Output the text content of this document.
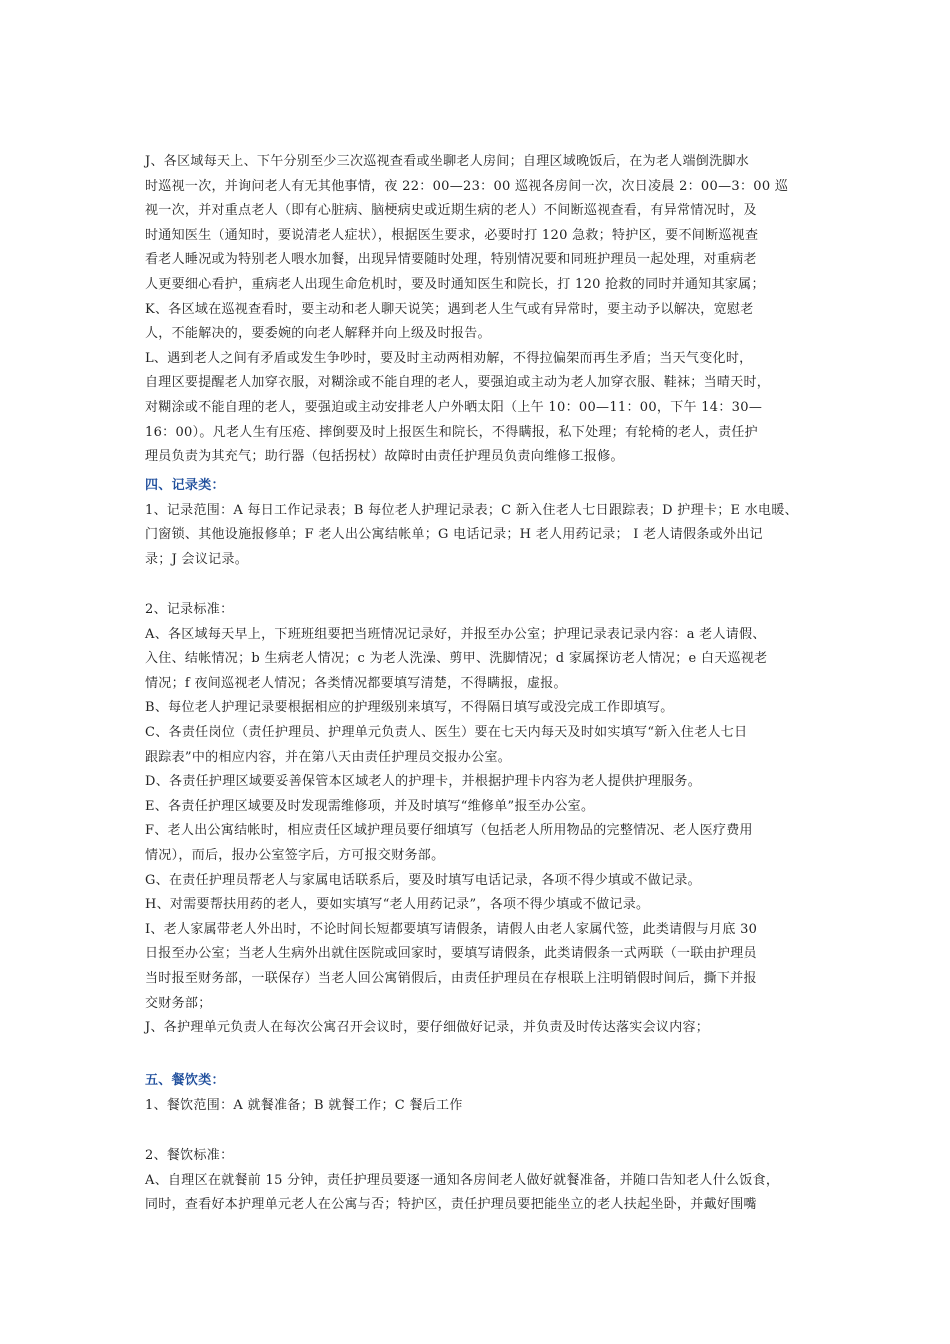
J、各区域每天上、下午分别至少三次巡视查看或坐聊老人房间；自理区域晚饭后，在为老人端倒洗脚水
时巡视一次，并询问老人有无其他事情，夜 22：00—23：00 巡视各房间一次，次日凌晨 2：00—3：00 巡
视一次，并对重点老人（即有心脏病、脑梗病史或近期生病的老人）不间断巡视查看，有异常情况时，及
时通知医生（通知时，要说清老人症状），根据医生要求，必要时打 120 急救；特护区，要不间断巡视查
看老人睡况或为特别老人喂水加餐，出现异情要随时处理，特别情况要和同班护理员一起处理，对重病老
人更要细心看护，重病老人出现生命危机时，要及时通知医生和院长，打 120 抢救的同时并通知其家属；
K、各区域在巡视查看时，要主动和老人聊天说笑；遇到老人生气或有异常时，要主动予以解决，宽慰老
人，不能解决的，要委婉的向老人解释并向上级及时报告。
L、遇到老人之间有矛盾或发生争吵时，要及时主动两相劝解，不得拉偏架而再生矛盾；当天气变化时，
自理区要提醒老人加穿衣服，对糊涂或不能自理的老人，要强迫或主动为老人加穿衣服、鞋袜；当晴天时，
对糊涂或不能自理的老人，要强迫或主动安排老人户外晒太阳（上午 10：00—11：00，下午 14：30—
16：00）。凡老人生有压疮、摔倒要及时上报医生和院长，不得瞒报，私下处理；有轮椅的老人，责任护
理员负责为其充气；助行器（包括拐杖）故障时由责任护理员负责向维修工报修。
四、记录类：
1、记录范围：A 每日工作记录表；B 每位老人护理记录表；C 新入住老人七日跟踪表；D 护理卡；E 水电暖、
门窗锁、其他设施报修单；F 老人出公寓结帐单；G 电话记录；H 老人用药记录； I 老人请假条或外出记
录；J 会议记录。
2、记录标准：
A、各区域每天早上，下班班组要把当班情况记录好，并报至办公室；护理记录表记录内容：a 老人请假、
入住、结帐情况；b 生病老人情况；c 为老人洗澡、剪甲、洗脚情况；d 家属探访老人情况；e 白天巡视老
情况；f 夜间巡视老人情况；各类情况都要填写清楚，不得瞒报，虚报。
B、每位老人护理记录要根据相应的护理级别来填写，不得隔日填写或没完成工作即填写。
C、各责任岗位（责任护理员、护理单元负责人、医生）要在七天内每天及时如实填写“新入住老人七日
跟踪表”中的相应内容，并在第八天由责任护理员交报办公室。
D、各责任护理区域要妥善保管本区域老人的护理卡，并根据护理卡内容为老人提供护理服务。
E、各责任护理区域要及时发现需维修项，并及时填写“维修单”报至办公室。
F、老人出公寓结帐时，相应责任区域护理员要仔细填写（包括老人所用物品的完整情况、老人医疗费用
情况），而后，报办公室签字后，方可报交财务部。
G、在责任护理员帮老人与家属电话联系后，要及时填写电话记录，各项不得少填或不做记录。
H、对需要帮扶用药的老人，要如实填写“老人用药记录”，各项不得少填或不做记录。
I、老人家属带老人外出时，不论时间长短都要填写请假条，请假人由老人家属代签，此类请假与月底 30
日报至办公室；当老人生病外出就住医院或回家时，要填写请假条，此类请假条一式两联（一联由护理员
当时报至财务部，一联保存）当老人回公寓销假后，由责任护理员在存根联上注明销假时间后，撕下并报
交财务部；
J、各护理单元负责人在每次公寓召开会议时，要仔细做好记录，并负责及时传达落实会议内容；
五、餐饮类：
1、餐饮范围：A 就餐准备；B 就餐工作；C 餐后工作
2、餐饮标准：
A、自理区在就餐前 15 分钟，责任护理员要逐一通知各房间老人做好就餐准备，并随口告知老人什么饭食，
同时，查看好本护理单元老人在公寓与否；特护区，责任护理员要把能坐立的老人扶起坐卧，并戴好围嘴
